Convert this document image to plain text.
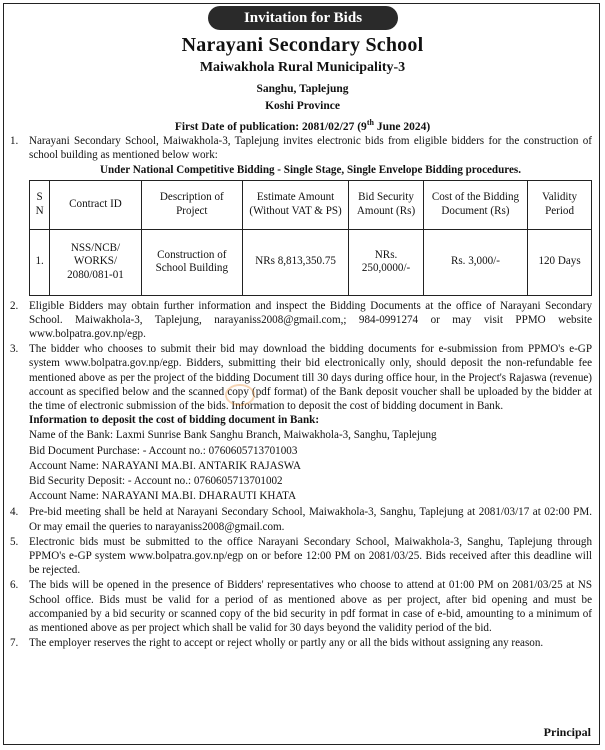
Invitation for Bids
Narayani Secondary School
Maiwakhola Rural Municipality-3
Sanghu, Taplejung
Koshi Province
First Date of publication: 2081/02/27 (9th June 2024)
1. Narayani Secondary School, Maiwakhola-3, Taplejung invites electronic bids from eligible bidders for the construction of school building as mentioned below work:
Under National Competitive Bidding - Single Stage, Single Envelope Bidding procedures.
S N	Contract ID	Description of Project	Estimate Amount (Without VAT & PS)	Bid Security Amount (Rs)	Cost of the Bidding Document (Rs)	Validity Period
1.	NSS/NCB/ WORKS/ 2080/081-01	Construction of School Building	NRs 8,813,350.75	NRs. 250,0000/-	Rs. 3,000/-	120 Days
2. Eligible Bidders may obtain further information and inspect the Bidding Documents at the office of Narayani Secondary School. Maiwakhola-3, Taplejung, narayaniss2008@gmail.com,; 984-0991274 or may visit PPMO website www.bolpatra.gov.np/egp.
3. The bidder who chooses to submit their bid may download the bidding documents for e-submission from PPMO's e-GP system www.bolpatra.gov.np/egp. Bidders, submitting their bid electronically only, should deposit the non-refundable fee mentioned above as per the project of the bidding Document till 30 days during office hour, in the Project's Rajaswa (revenue) account as specified below and the scanned copy (pdf format) of the Bank deposit voucher shall be uploaded by the bidder at the time of electronic submission of the bids. Information to deposit the cost of bidding document in Bank.
Information to deposit the cost of bidding document in Bank:
Name of the Bank: Laxmi Sunrise Bank Sanghu Branch, Maiwakhola-3, Sanghu, Taplejung
Bid Document Purchase: - Account no.: 0760605713701003
Account Name: NARAYANI MA.BI. ANTARIK RAJASWA
Bid Security Deposit: - Account no.: 0760605713701002
Account Name: NARAYANI MA.BI. DHARAUTI KHATA
4. Pre-bid meeting shall be held at Narayani Secondary School, Maiwakhola-3, Sanghu, Taplejung at 2081/03/17 at 02:00 PM. Or may email the queries to narayaniss2008@gmail.com.
5. Electronic bids must be submitted to the office Narayani Secondary School, Maiwakhola-3, Sanghu, Taplejung through PPMO's e-GP system www.bolpatra.gov.np/egp on or before 12:00 PM on 2081/03/25. Bids received after this deadline will be rejected.
6. The bids will be opened in the presence of Bidders' representatives who choose to attend at 01:00 PM on 2081/03/25 at NS School office. Bids must be valid for a period of as mentioned above as per project, after bid opening and must be accompanied by a bid security or scanned copy of the bid security in pdf format in case of e-bid, amounting to a minimum of as mentioned above as per project which shall be valid for 30 days beyond the validity period of the bid.
7. The employer reserves the right to accept or reject wholly or partly any or all the bids without assigning any reason.
Principal
